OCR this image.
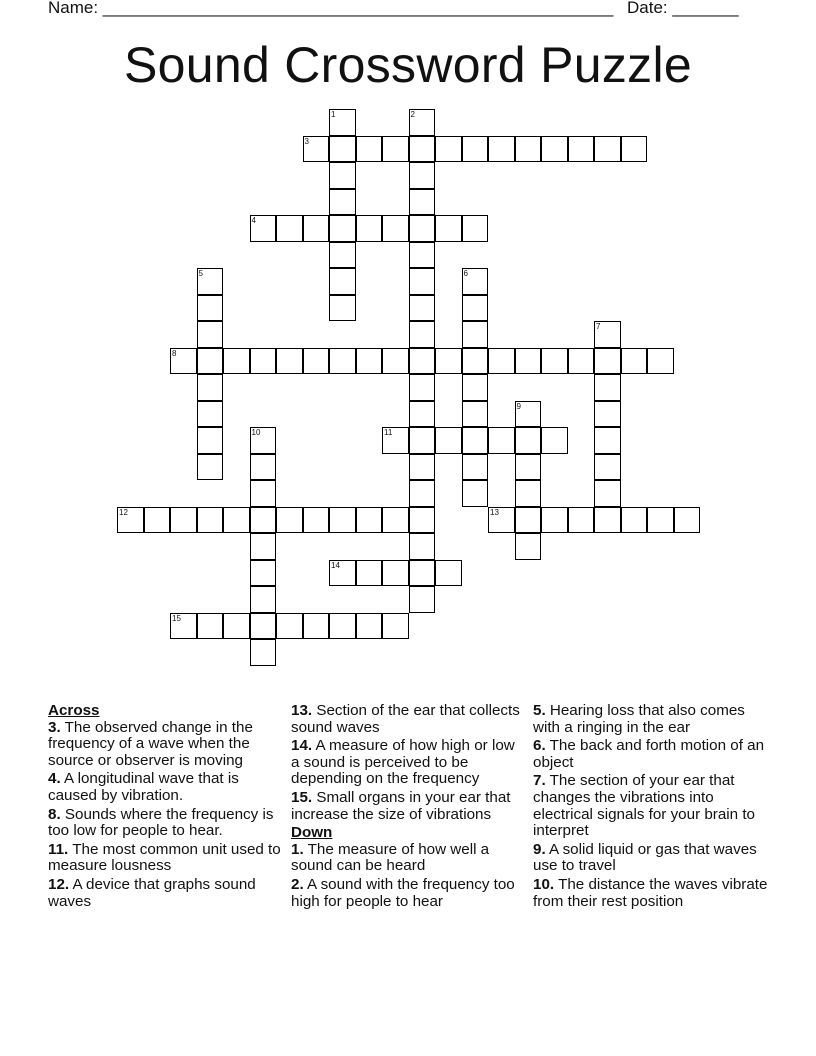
Name: ______________________________________________________ Date: _______
Sound Crossword Puzzle
3
4
8
11
12	13
14
15
1	2
5	6
7
9
10
Across
3. The observed change in the frequency of a wave when the source or observer is moving
4. A longitudinal wave that is caused by vibration.
8. Sounds where the frequency is too low for people to hear.
11. The most common unit used to measure lousness
12. A device that graphs sound waves
13. Section of the ear that collects sound waves
14. A measure of how high or low a sound is perceived to be depending on the frequency
15. Small organs in your ear that increase the size of vibrations
Down
1. The measure of how well a sound can be heard
2. A sound with the frequency too high for people to hear
5. Hearing loss that also comes with a ringing in the ear
6. The back and forth motion of an object
7. The section of your ear that changes the vibrations into electrical signals for your brain to interpret
9. A solid liquid or gas that waves use to travel
10. The distance the waves vibrate from their rest position
